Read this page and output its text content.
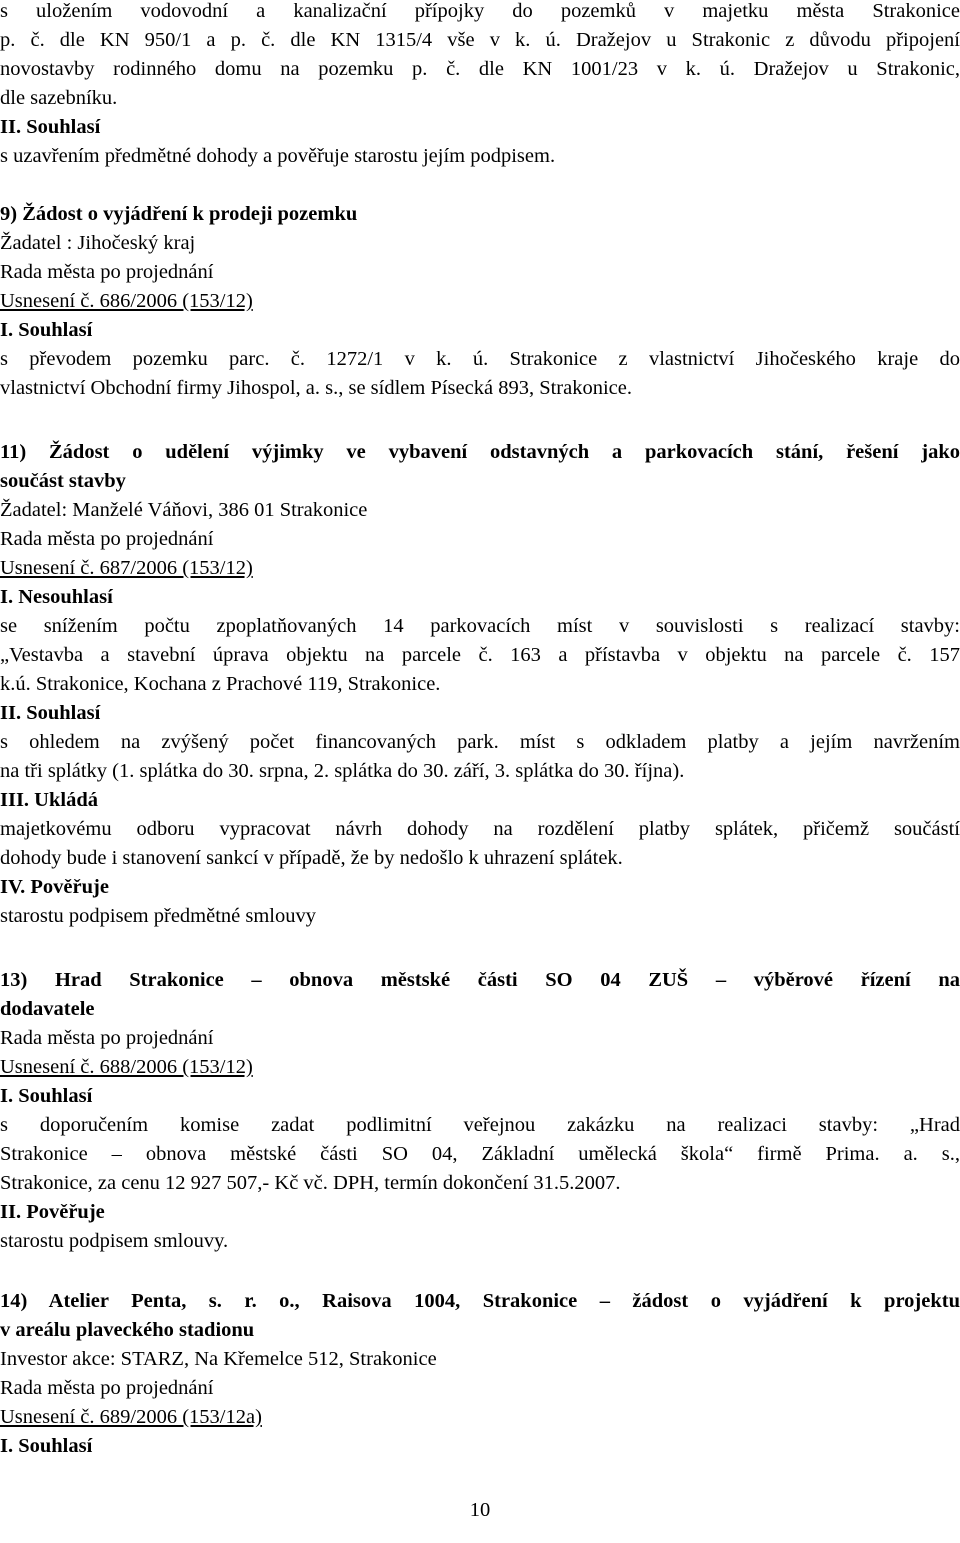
s uložením vodovodní a kanalizační přípojky do pozemků v majetku města Strakonice
p. č. dle KN 950/1 a p. č. dle KN 1315/4 vše v k. ú. Dražejov u Strakonic z důvodu připojení
novostavby rodinného domu na pozemku p. č. dle KN 1001/23 v k. ú. Dražejov u Strakonic,
dle sazebníku.
II. Souhlasí
s uzavřením předmětné dohody a pověřuje starostu jejím podpisem.
9) Žádost o vyjádření k prodeji pozemku
Žadatel : Jihočeský kraj
Rada města po projednání
Usnesení č. 686/2006 (153/12)
I. Souhlasí
s převodem pozemku parc. č. 1272/1 v k. ú. Strakonice z vlastnictví Jihočeského kraje do
vlastnictví Obchodní firmy Jihospol, a. s., se sídlem Písecká 893, Strakonice.
11) Žádost o udělení výjimky ve vybavení odstavných a parkovacích stání, řešení jako
součást stavby
Žadatel: Manželé Váňovi, 386 01 Strakonice
Rada města po projednání
Usnesení č. 687/2006 (153/12)
I. Nesouhlasí
se snížením počtu zpoplatňovaných 14 parkovacích míst v souvislosti s realizací stavby:
„Vestavba a stavební úprava objektu na parcele č. 163 a přístavba v objektu na parcele č. 157
k.ú. Strakonice, Kochana z Prachové 119, Strakonice.
II. Souhlasí
s ohledem na zvýšený počet financovaných park. míst s odkladem platby a jejím navržením
na tři splátky (1. splátka do 30. srpna, 2. splátka do 30. září, 3. splátka do 30. října).
III. Ukládá
majetkovému odboru vypracovat návrh dohody na rozdělení platby splátek, přičemž součástí
dohody bude i stanovení sankcí v případě, že by nedošlo k uhrazení splátek.
IV. Pověřuje
starostu podpisem předmětné smlouvy
13) Hrad Strakonice – obnova městské části SO 04 ZUŠ – výběrové řízení na
dodavatele
Rada města po projednání
Usnesení č. 688/2006 (153/12)
I. Souhlasí
s doporučením komise zadat podlimitní veřejnou zakázku na realizaci stavby: „Hrad
Strakonice – obnova městské části SO 04, Základní umělecká škola“ firmě Prima. a. s.,
Strakonice, za cenu 12 927 507,- Kč vč. DPH, termín dokončení 31.5.2007.
II. Pověřuje
starostu podpisem smlouvy.
14) Atelier Penta, s. r. o., Raisova 1004, Strakonice – žádost o vyjádření k projektu
v areálu plaveckého stadionu
Investor akce: STARZ, Na Křemelce 512, Strakonice
Rada města po projednání
Usnesení č. 689/2006 (153/12a)
I. Souhlasí
10
